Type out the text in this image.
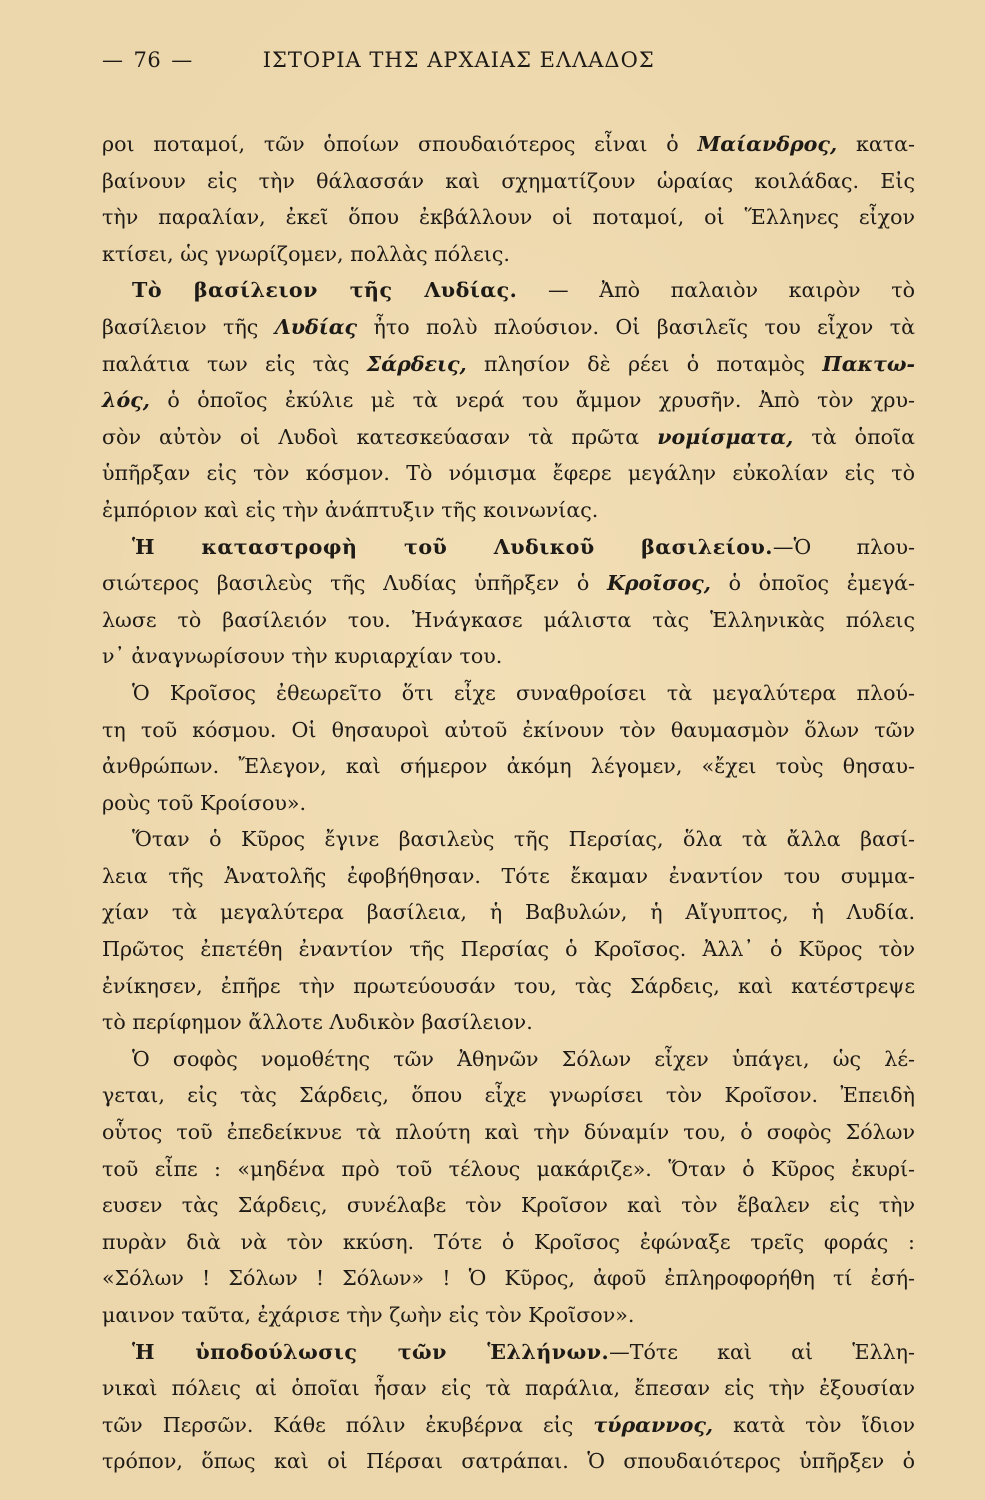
— 76 —	ΙΣΤΟΡΙΑ ΤΗΣ ΑΡΧΑΙΑΣ ΕΛΛΑΔΟΣ
ροι ποταμοί, τῶν ὁποίων σπουδαιότερος εἶναι ὁ Μαίανδρος, κατα-
βαίνουν εἰς τὴν θάλασσάν καὶ σχηματίζουν ὡραίας κοιλάδας. Εἰς
τὴν παραλίαν, ἐκεῖ ὅπου ἐκβάλλουν οἱ ποταμοί, οἱ Ἕλληνες εἶχον
κτίσει, ὡς γνωρίζομεν, πολλὰς πόλεις.
Τὸ βασίλειον τῆς Λυδίας. — Ἀπὸ παλαιὸν καιρὸν τὸ
βασίλειον τῆς Λυδίας ἦτο πολὺ πλούσιον. Οἱ βασιλεῖς του εἶχον τὰ
παλάτια των εἰς τὰς Σάρδεις, πλησίον δὲ ρέει ὁ ποταμὸς Πακτω-
λός, ὁ ὁποῖος ἐκύλιε μὲ τὰ νερά του ἄμμον χρυσῆν. Ἀπὸ τὸν χρυ-
σὸν αὐτὸν οἱ Λυδοὶ κατεσκεύασαν τὰ πρῶτα νομίσματα, τὰ ὁποῖα
ὑπῆρξαν εἰς τὸν κόσμον. Τὸ νόμισμα ἔφερε μεγάλην εὐκολίαν εἰς τὸ
ἐμπόριον καὶ εἰς τὴν ἀνάπτυξιν τῆς κοινωνίας.
Ἡ καταστροφὴ τοῦ Λυδικοῦ βασιλείου.—Ὁ πλου-
σιώτερος βασιλεὺς τῆς Λυδίας ὑπῆρξεν ὁ Κροῖσος, ὁ ὁποῖος ἐμεγά-
λωσε τὸ βασίλειόν του. Ἠνάγκασε μάλιστα τὰς Ἑλληνικὰς πόλεις
ν᾽ ἀναγνωρίσουν τὴν κυριαρχίαν του.
Ὁ Κροῖσος ἐθεωρεῖτο ὅτι εἶχε συναθροίσει τὰ μεγαλύτερα πλού-
τη τοῦ κόσμου. Οἱ θησαυροὶ αὐτοῦ ἐκίνουν τὸν θαυμασμὸν ὅλων τῶν
ἀνθρώπων. Ἔλεγον, καὶ σήμερον ἀκόμη λέγομεν, «ἔχει τοὺς θησαυ-
ροὺς τοῦ Κροίσου».
Ὅταν ὁ Κῦρος ἔγινε βασιλεὺς τῆς Περσίας, ὅλα τὰ ἄλλα βασί-
λεια τῆς Ἀνατολῆς ἐφοβήθησαν. Τότε ἔκαμαν ἐναντίον του συμμα-
χίαν τὰ μεγαλύτερα βασίλεια, ἡ Βαβυλών, ἡ Αἴγυπτος, ἡ Λυδία.
Πρῶτος ἐπετέθη ἐναντίον τῆς Περσίας ὁ Κροῖσος. Ἀλλ᾽ ὁ Κῦρος τὸν
ἐνίκησεν, ἐπῆρε τὴν πρωτεύουσάν του, τὰς Σάρδεις, καὶ κατέστρεψε
τὸ περίφημον ἄλλοτε Λυδικὸν βασίλειον.
Ὁ σοφὸς νομοθέτης τῶν Ἀθηνῶν Σόλων εἶχεν ὑπάγει, ὡς λέ-
γεται, εἰς τὰς Σάρδεις, ὅπου εἶχε γνωρίσει τὸν Κροῖσον. Ἐπειδὴ
οὗτος τοῦ ἐπεδείκνυε τὰ πλούτη καὶ τὴν δύναμίν του, ὁ σοφὸς Σόλων
τοῦ εἶπε : «μηδένα πρὸ τοῦ τέλους μακάριζε». Ὅταν ὁ Κῦρος ἐκυρί-
ευσεν τὰς Σάρδεις, συνέλαβε τὸν Κροῖσον καὶ τὸν ἔβαλεν εἰς τὴν
πυρὰν διὰ νὰ τὸν κκύση. Τότε ὁ Κροῖσος ἐφώναξε τρεῖς φοράς :
«Σόλων ! Σόλων ! Σόλων» ! Ὁ Κῦρος, ἀφοῦ ἐπληροφορήθη τί ἐσή-
μαινον ταῦτα, ἐχάρισε τὴν ζωὴν εἰς τὸν Κροῖσον».
Ἡ ὑποδούλωσις τῶν Ἑλλήνων.—Τότε καὶ αἱ Ἑλλη-
νικαὶ πόλεις αἱ ὁποῖαι ἦσαν εἰς τὰ παράλια, ἔπεσαν εἰς τὴν ἐξουσίαν
τῶν Περσῶν. Κάθε πόλιν ἐκυβέρνα εἰς τύραννος, κατὰ τὸν ἴδιον
τρόπον, ὅπως καὶ οἱ Πέρσαι σατράπαι. Ὁ σπουδαιότερος ὑπῆρξεν ὁ
